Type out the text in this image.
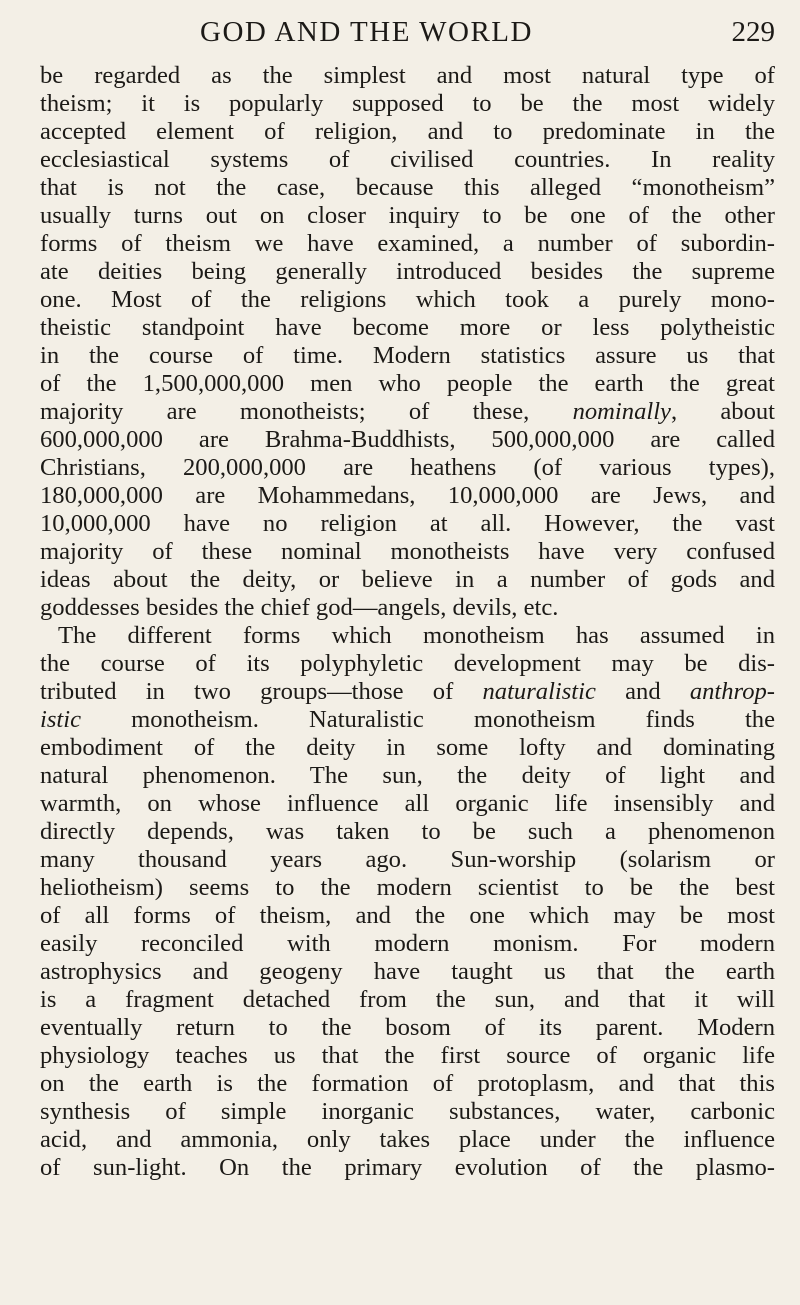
GOD AND THE WORLD	229
be regarded as the simplest and most natural type of
theism; it is popularly supposed to be the most widely
accepted element of religion, and to predominate in the
ecclesiastical systems of civilised countries. In reality
that is not the case, because this alleged “monotheism”
usually turns out on closer inquiry to be one of the other
forms of theism we have examined, a number of subordin-
ate deities being generally introduced besides the supreme
one. Most of the religions which took a purely mono-
theistic standpoint have become more or less polytheistic
in the course of time. Modern statistics assure us that
of the 1,500,000,000 men who people the earth the great
majority are monotheists; of these, nominally, about
600,000,000 are Brahma-Buddhists, 500,000,000 are called
Christians, 200,000,000 are heathens (of various types),
180,000,000 are Mohammedans, 10,000,000 are Jews, and
10,000,000 have no religion at all. However, the vast
majority of these nominal monotheists have very confused
ideas about the deity, or believe in a number of gods and
goddesses besides the chief god—angels, devils, etc.
The different forms which monotheism has assumed in
the course of its polyphyletic development may be dis-
tributed in two groups—those of naturalistic and anthrop-
istic monotheism. Naturalistic monotheism finds the
embodiment of the deity in some lofty and dominating
natural phenomenon. The sun, the deity of light and
warmth, on whose influence all organic life insensibly and
directly depends, was taken to be such a phenomenon
many thousand years ago. Sun-worship (solarism or
heliotheism) seems to the modern scientist to be the best
of all forms of theism, and the one which may be most
easily reconciled with modern monism. For modern
astrophysics and geogeny have taught us that the earth
is a fragment detached from the sun, and that it will
eventually return to the bosom of its parent. Modern
physiology teaches us that the first source of organic life
on the earth is the formation of protoplasm, and that this
synthesis of simple inorganic substances, water, carbonic
acid, and ammonia, only takes place under the influence
of sun-light. On the primary evolution of the plasmo-
